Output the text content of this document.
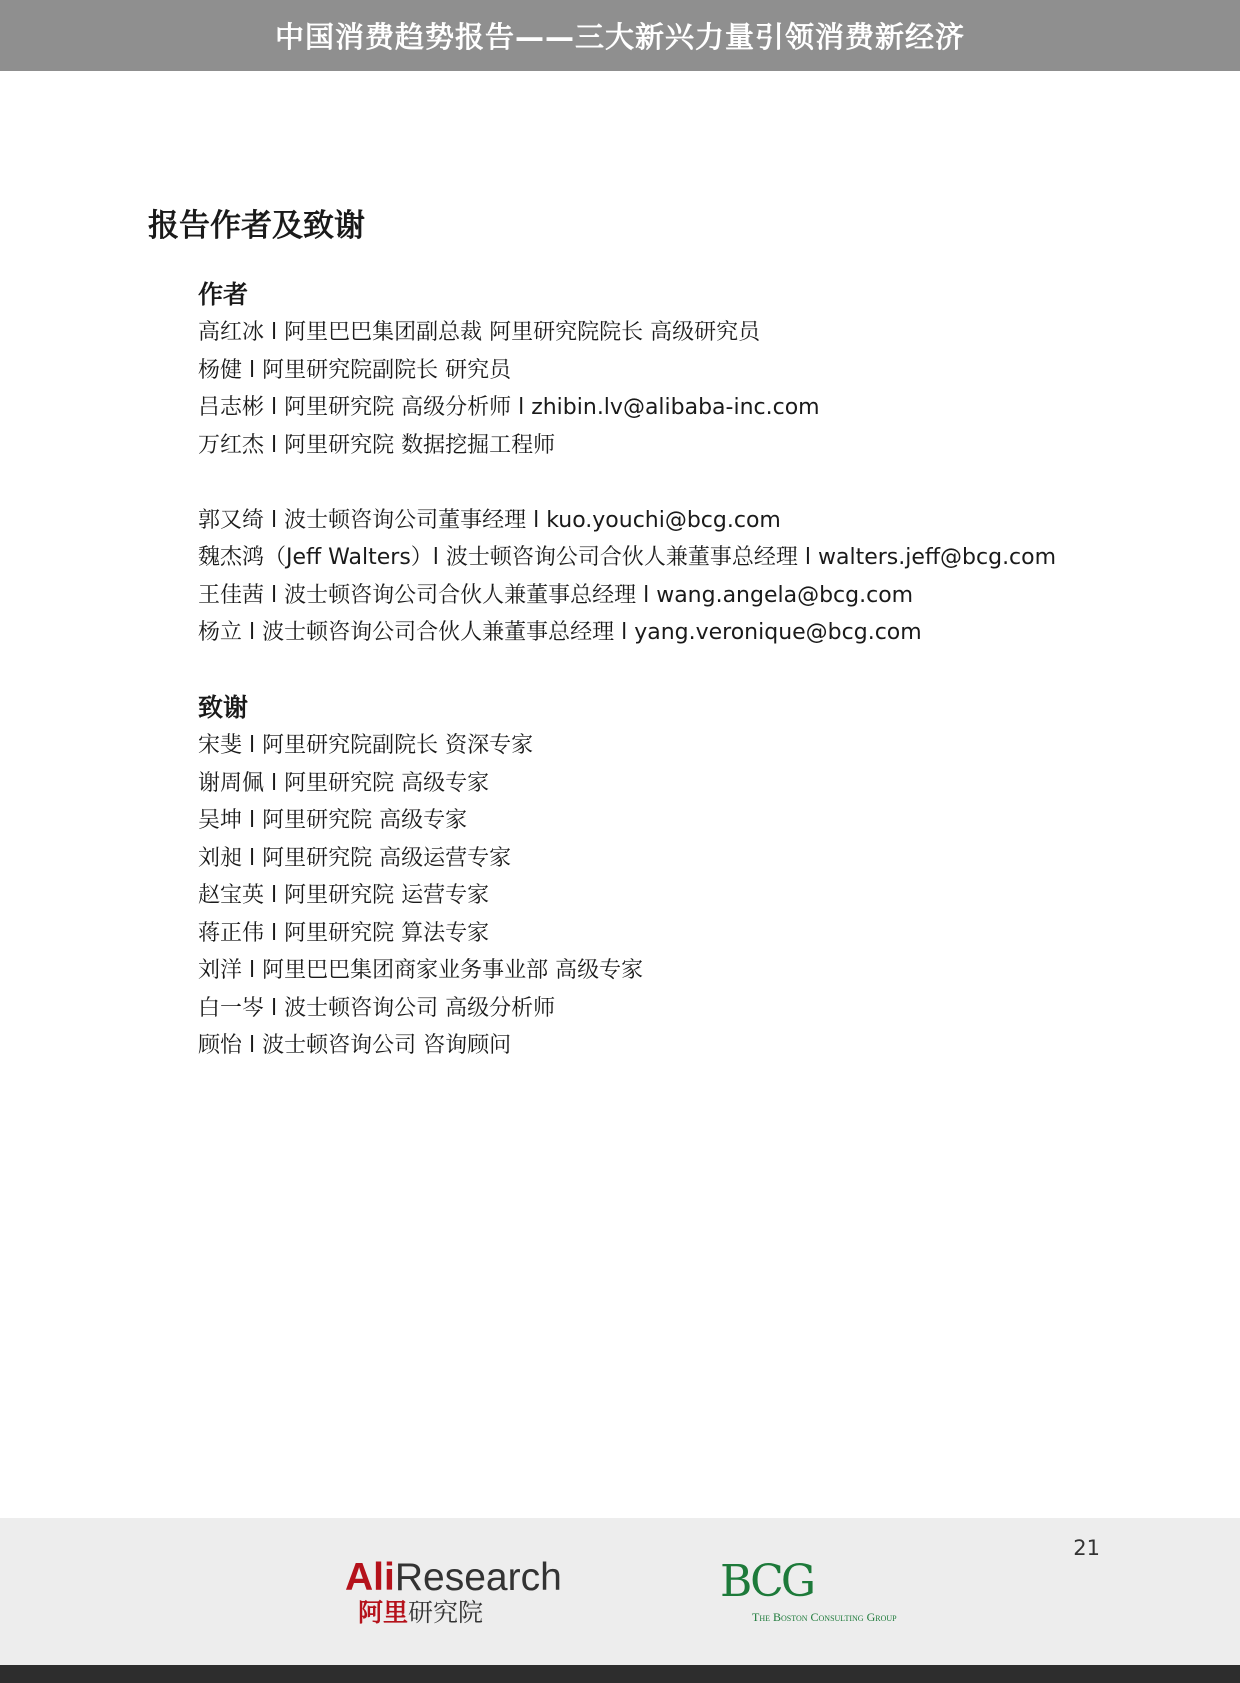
中国消费趋势报告——三大新兴力量引领消费新经济
报告作者及致谢
作者
高红冰 l 阿里巴巴集团副总裁 阿里研究院院长 高级研究员
杨健 l 阿里研究院副院长 研究员
吕志彬 l 阿里研究院 高级分析师 l zhibin.lv@alibaba-inc.com
万红杰 l 阿里研究院 数据挖掘工程师
郭又绮 l 波士顿咨询公司董事经理 l kuo.youchi@bcg.com
魏杰鸿（Jeff Walters）l 波士顿咨询公司合伙人兼董事总经理 l walters.jeff@bcg.com
王佳茜 l 波士顿咨询公司合伙人兼董事总经理 l wang.angela@bcg.com
杨立 l 波士顿咨询公司合伙人兼董事总经理 l yang.veronique@bcg.com
致谢
宋斐 l 阿里研究院副院长 资深专家
谢周佩 l 阿里研究院 高级专家
吴坤 l 阿里研究院 高级专家
刘昶 l 阿里研究院 高级运营专家
赵宝英 l 阿里研究院 运营专家
蒋正伟 l 阿里研究院 算法专家
刘洋 l 阿里巴巴集团商家业务事业部 高级专家
白一岑 l 波士顿咨询公司 高级分析师
顾怡 l 波士顿咨询公司 咨询顾问
21
AliResearch
阿里研究院
BCG
The Boston Consulting Group
